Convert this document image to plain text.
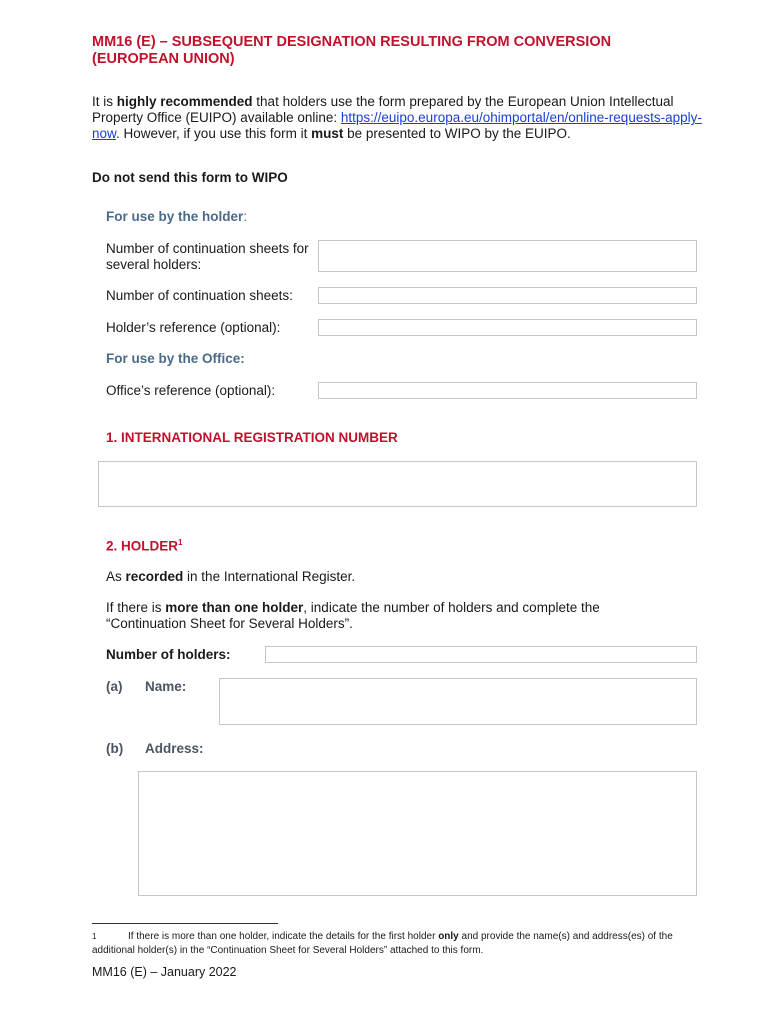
MM16 (E) – SUBSEQUENT DESIGNATION RESULTING FROM CONVERSION (EUROPEAN UNION)
It is highly recommended that holders use the form prepared by the European Union Intellectual Property Office (EUIPO) available online: https://euipo.europa.eu/ohimportal/en/online-requests-apply-now. However, if you use this form it must be presented to WIPO by the EUIPO.
Do not send this form to WIPO
For use by the holder:
Number of continuation sheets for several holders:
Number of continuation sheets:
Holder’s reference (optional):
For use by the Office:
Office’s reference (optional):
1. INTERNATIONAL REGISTRATION NUMBER
2. HOLDER$^1$
As recorded in the International Register.
If there is more than one holder, indicate the number of holders and complete the “Continuation Sheet for Several Holders”.
Number of holders:
(a) Name:
(b) Address:
1	If there is more than one holder, indicate the details for the first holder only and provide the name(s) and address(es) of the additional holder(s) in the “Continuation Sheet for Several Holders” attached to this form.
MM16 (E) – January 2022
